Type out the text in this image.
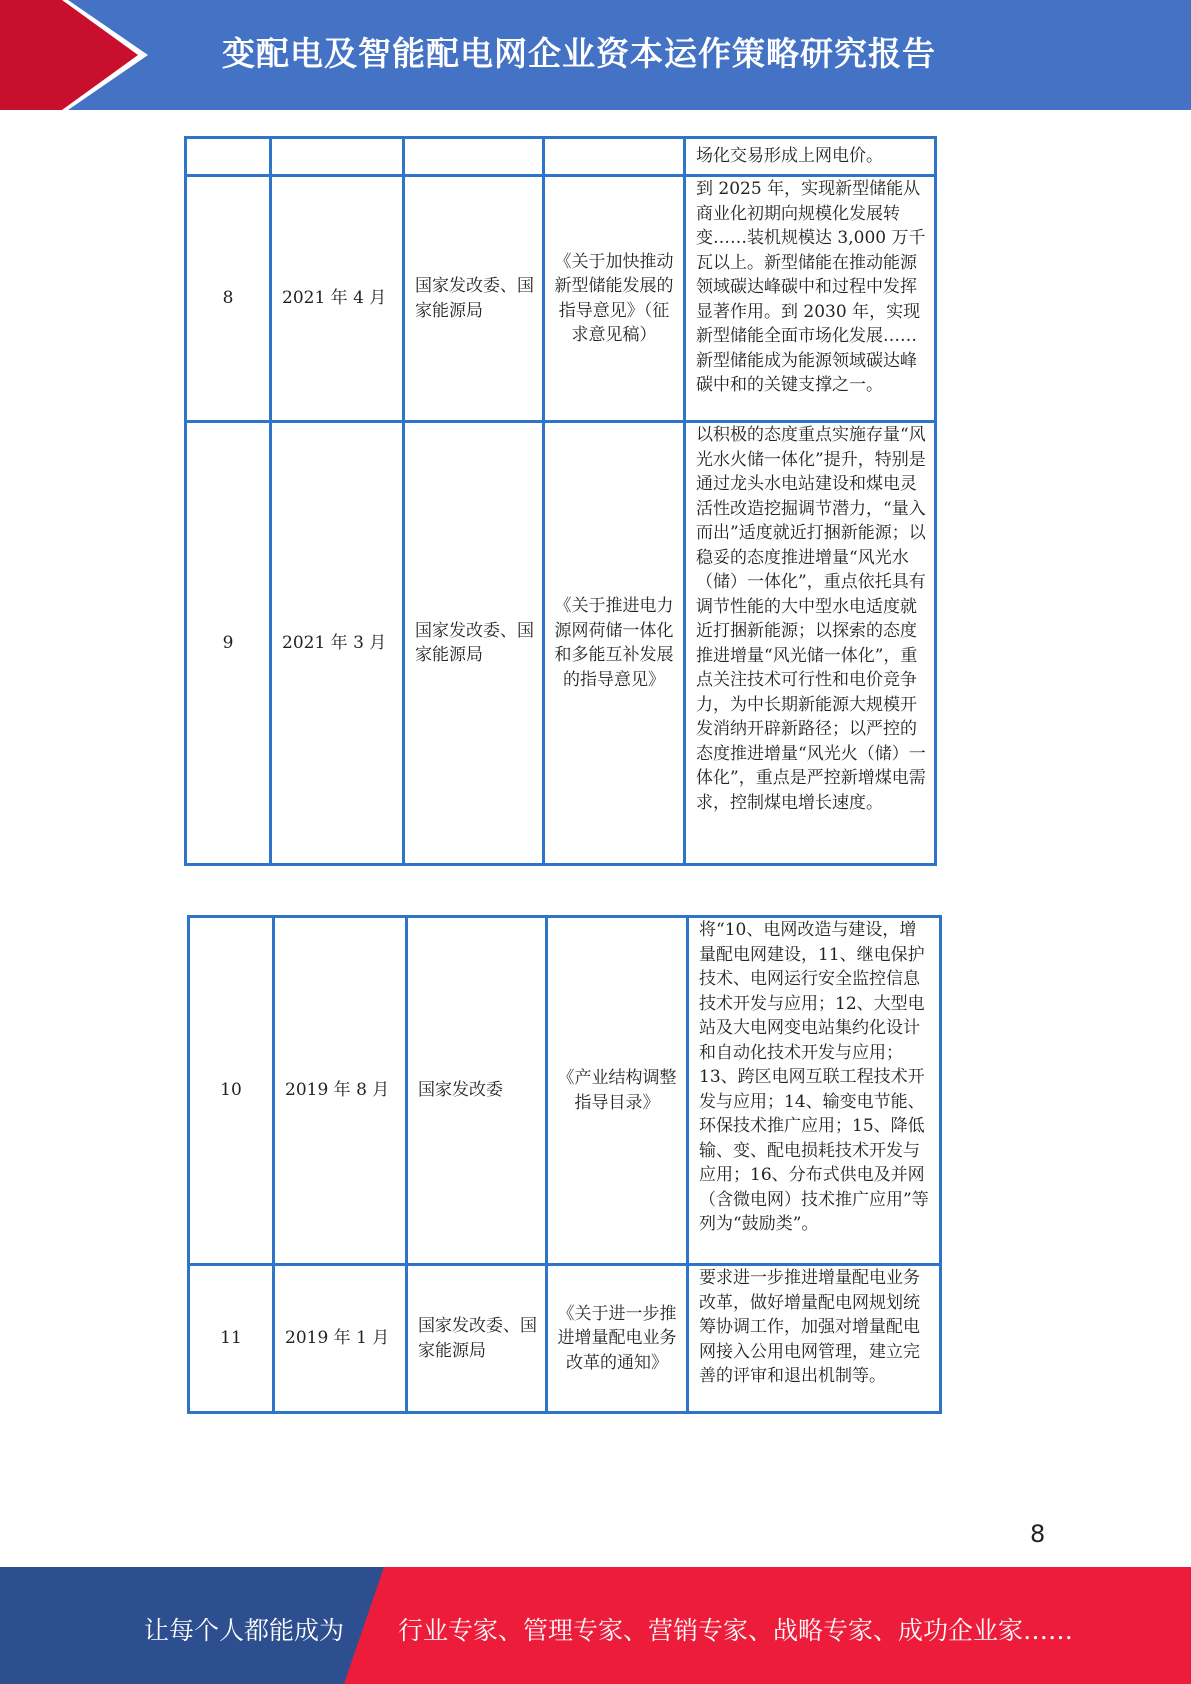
变配电及智能配电网企业资本运作策略研究报告
				场化交易形成上网电价。
8	2021 年 4 月	国家发改委、国家能源局	《关于加快推动新型储能发展的指导意见》（征求意见稿）	到 2025 年，实现新型储能从商业化初期向规模化发展转变……装机规模达 3,000 万千瓦以上。新型储能在推动能源领域碳达峰碳中和过程中发挥显著作用。到 2030 年，实现新型储能全面市场化发展……新型储能成为能源领域碳达峰碳中和的关键支撑之一。
9	2021 年 3 月	国家发改委、国家能源局	《关于推进电力源网荷储一体化和多能互补发展的指导意见》	以积极的态度重点实施存量“风光水火储一体化”提升，特别是通过龙头水电站建设和煤电灵活性改造挖掘调节潜力，“量入而出”适度就近打捆新能源；以稳妥的态度推进增量“风光水（储）一体化”，重点依托具有调节性能的大中型水电适度就近打捆新能源；以探索的态度推进增量“风光储一体化”，重点关注技术可行性和电价竞争力，为中长期新能源大规模开发消纳开辟新路径；以严控的态度推进增量“风光火（储）一体化”，重点是严控新增煤电需求，控制煤电增长速度。
10	2019 年 8 月	国家发改委	《产业结构调整指导目录》	将“10、电网改造与建设，增量配电网建设，11、继电保护技术、电网运行安全监控信息技术开发与应用；12、大型电站及大电网变电站集约化设计和自动化技术开发与应用；13、跨区电网互联工程技术开发与应用；14、输变电节能、环保技术推广应用；15、降低输、变、配电损耗技术开发与应用；16、分布式供电及并网（含微电网）技术推广应用”等列为“鼓励类”。
11	2019 年 1 月	国家发改委、国家能源局	《关于进一步推进增量配电业务改革的通知》	要求进一步推进增量配电业务改革，做好增量配电网规划统筹协调工作，加强对增量配电网接入公用电网管理，建立完善的评审和退出机制等。
8
让每个人都能成为 行业专家、管理专家、营销专家、战略专家、成功企业家……
